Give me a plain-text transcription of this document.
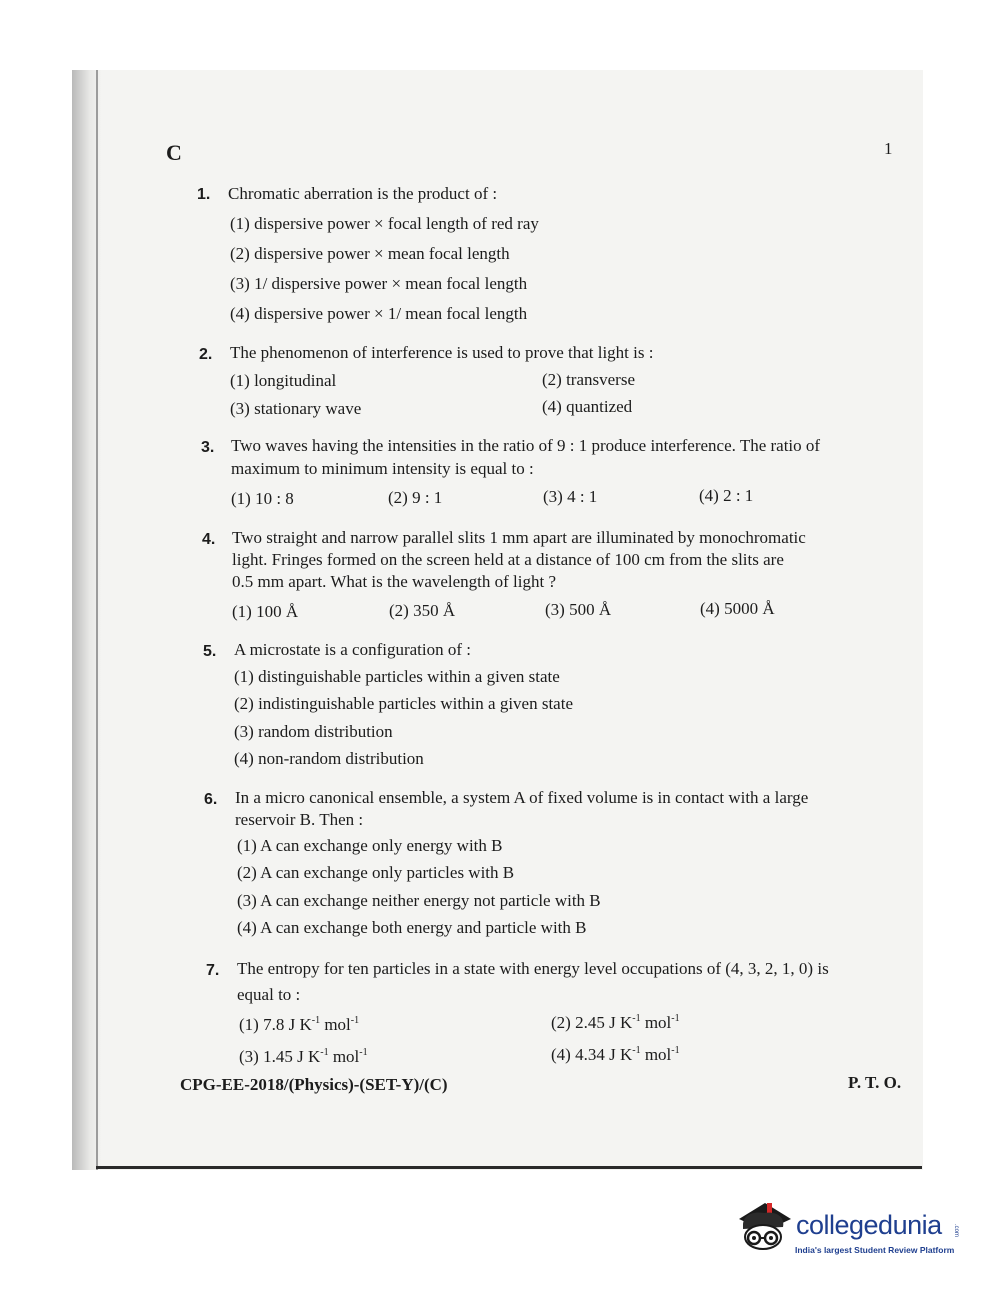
C	1
1. Chromatic aberration is the product of :
(1) dispersive power × focal length of red ray
(2) dispersive power × mean focal length
(3) 1/ dispersive power × mean focal length
(4) dispersive power × 1/ mean focal length
2. The phenomenon of interference is used to prove that light is :
(1) longitudinal	(2) transverse
(3) stationary wave	(4) quantized
3. Two waves having the intensities in the ratio of 9 : 1 produce interference. The ratio of
maximum to minimum intensity is equal to :
(1) 10 : 8	(2) 9 : 1	(3) 4 : 1	(4) 2 : 1
4. Two straight and narrow parallel slits 1 mm apart are illuminated by monochromatic
light. Fringes formed on the screen held at a distance of 100 cm from the slits are
0.5 mm apart. What is the wavelength of light ?
(1) 100 Å	(2) 350 Å	(3) 500 Å	(4) 5000 Å
5. A microstate is a configuration of :
(1) distinguishable particles within a given state
(2) indistinguishable particles within a given state
(3) random distribution
(4) non-random distribution
6. In a micro canonical ensemble, a system A of fixed volume is in contact with a large
reservoir B. Then :
(1) A can exchange only energy with B
(2) A can exchange only particles with B
(3) A can exchange neither energy not particle with B
(4) A can exchange both energy and particle with B
7. The entropy for ten particles in a state with energy level occupations of (4, 3, 2, 1, 0) is
equal to :
(1) 7.8 J $K^{-1}$ mol$^{-1}$	(2) 2.45 J $K^{-1}$ mol$^{-1}$
(3) 1.45 J $K^{-1}$ mol$^{-1}$	(4) 4.34 J $K^{-1}$ mol$^{-1}$
CPG-EE-2018/(Physics)-(SET-Y)/(C)	P. T. O.
collegedunia .com
India's largest Student Review Platform
